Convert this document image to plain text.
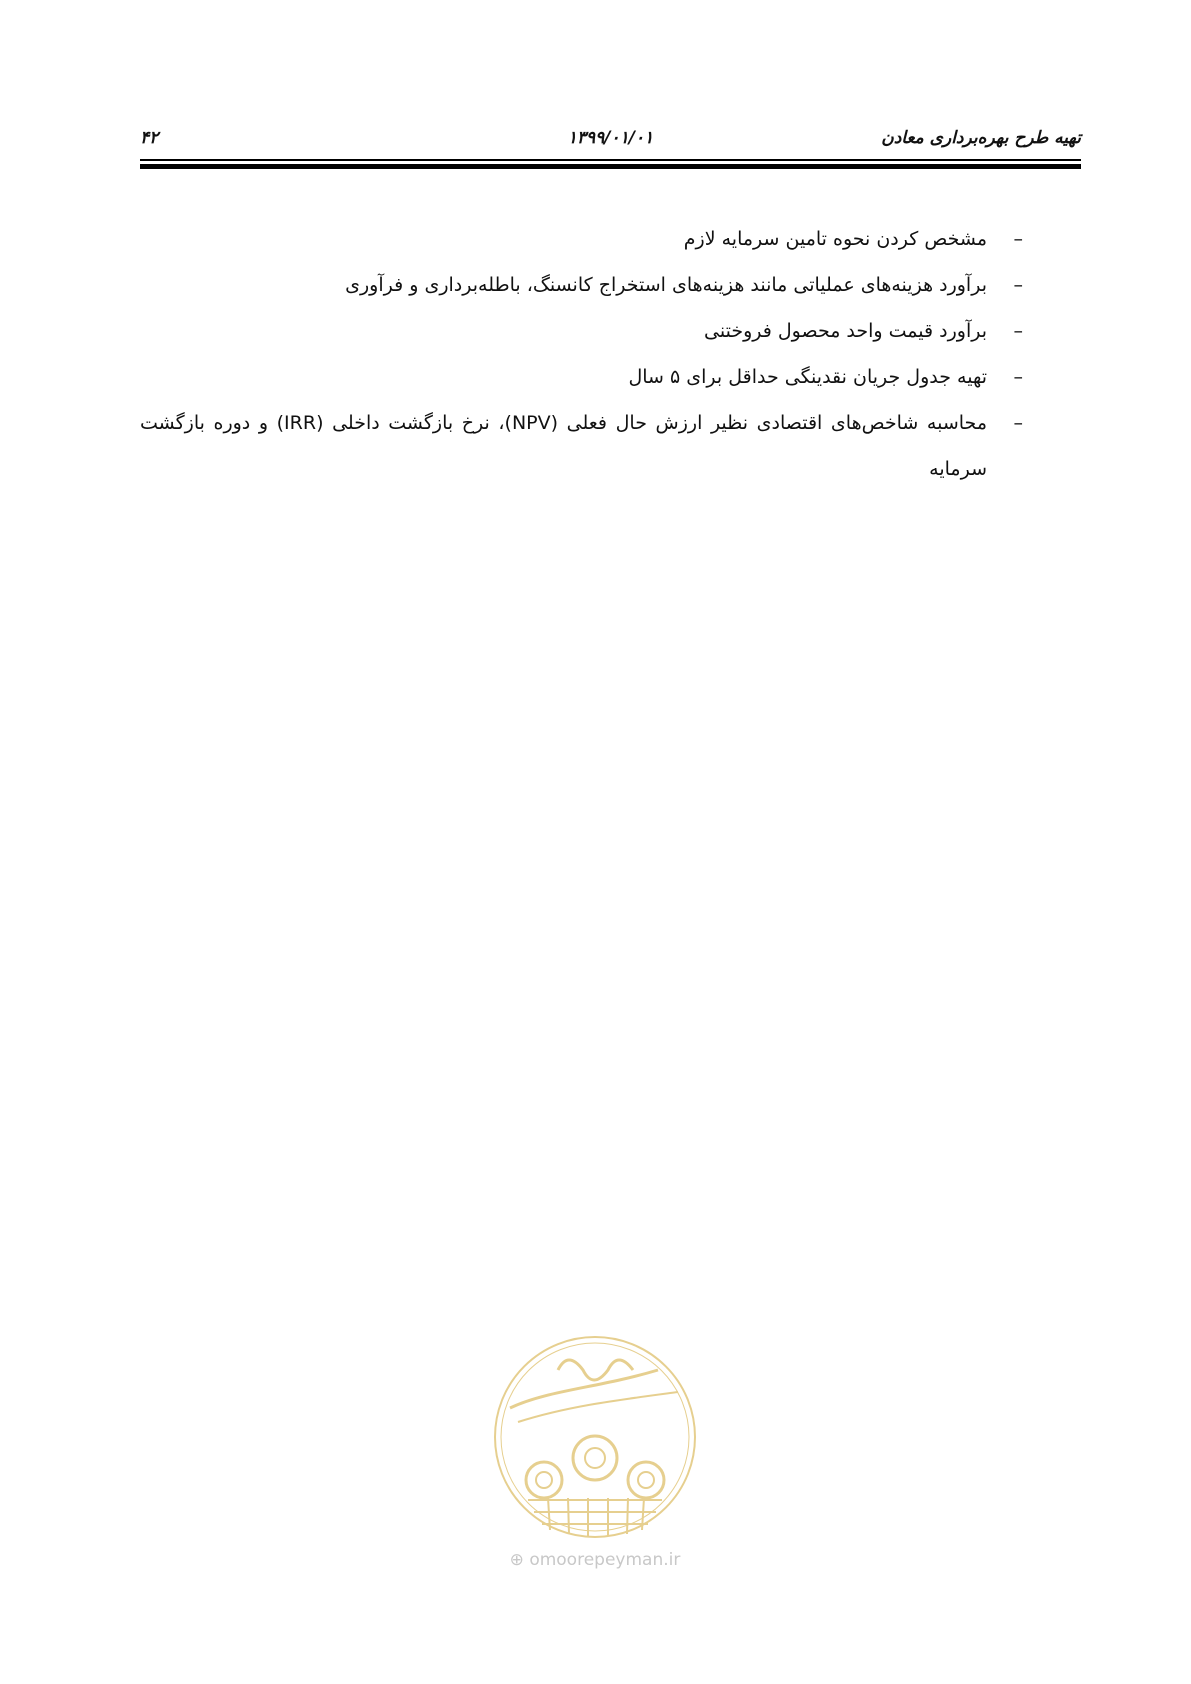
۴۲	۱۳۹۹/۰۱/۰۱	تهیه طرح بهره‌برداری معادن
–
مشخص کردن نحوه تامین سرمایه لازم
–
برآورد هزینه‌های عملیاتی مانند هزینه‌های استخراج کانسنگ، باطله‌برداری و فرآوری
–
برآورد قیمت واحد محصول فروختنی
–
تهیه جدول جریان نقدینگی حداقل برای ۵ سال
–
محاسبه شاخص‌های اقتصادی نظیر ارزش حال فعلی (NPV)، نرخ بازگشت داخلی (IRR) و دوره بازگشت سرمایه
⊕ omoorepeyman.ir
